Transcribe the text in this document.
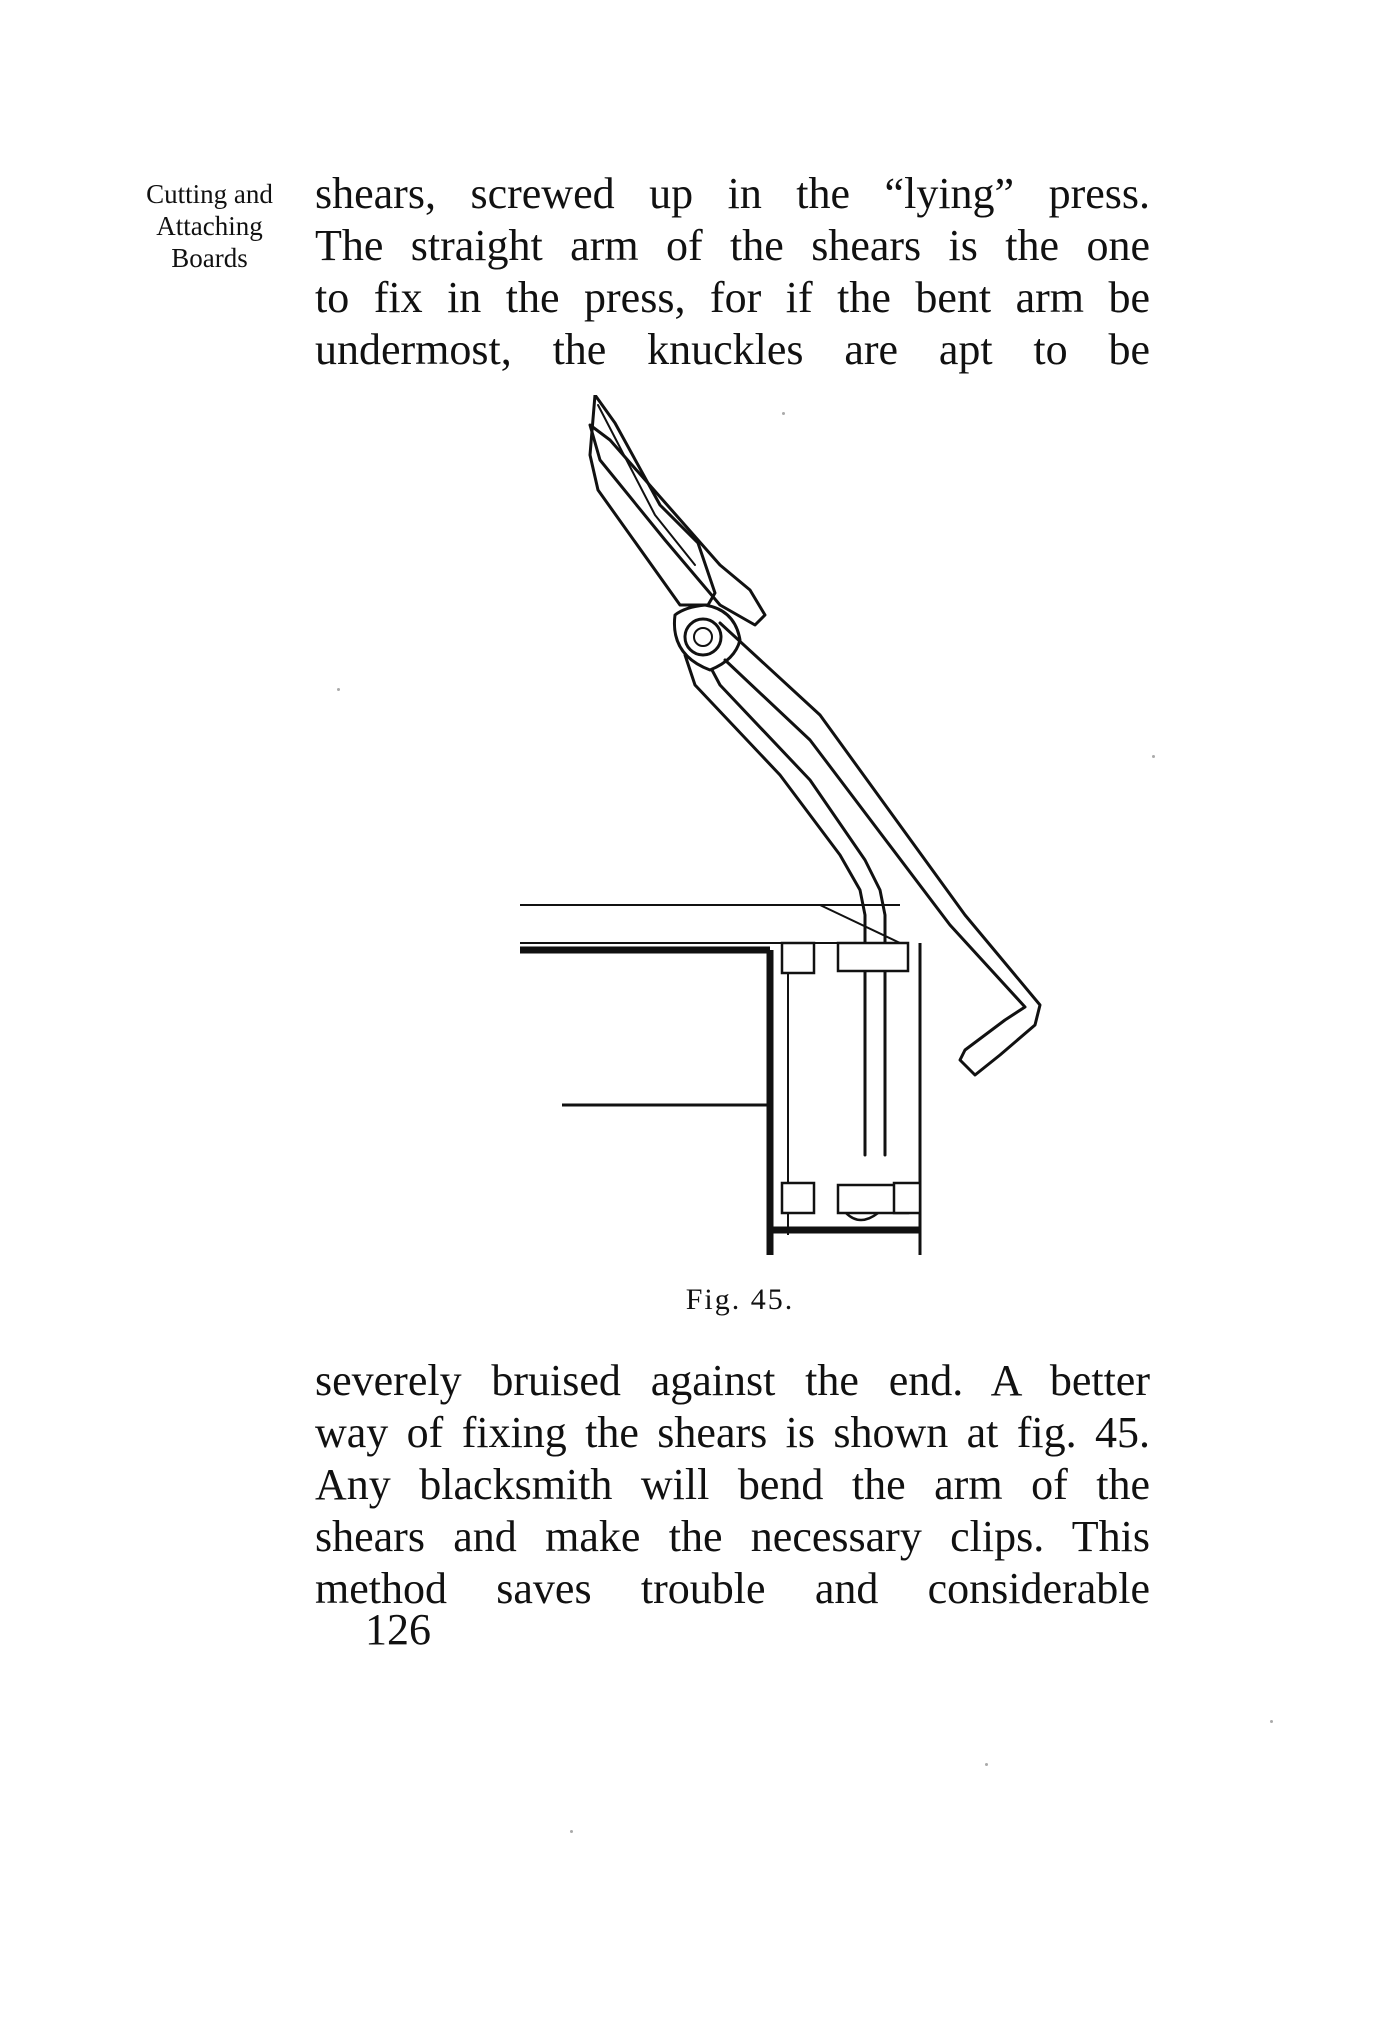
Cutting and
Attaching
Boards
shears, screwed up in the “lying” press.
The straight arm of the shears is the one
to fix in the press, for if the bent arm be
undermost, the knuckles are apt to be
Fig. 45.
severely bruised against the end. A better
way of fixing the shears is shown at fig. 45.
Any blacksmith will bend the arm of the
shears and make the necessary clips. This
method saves trouble and considerable
126
